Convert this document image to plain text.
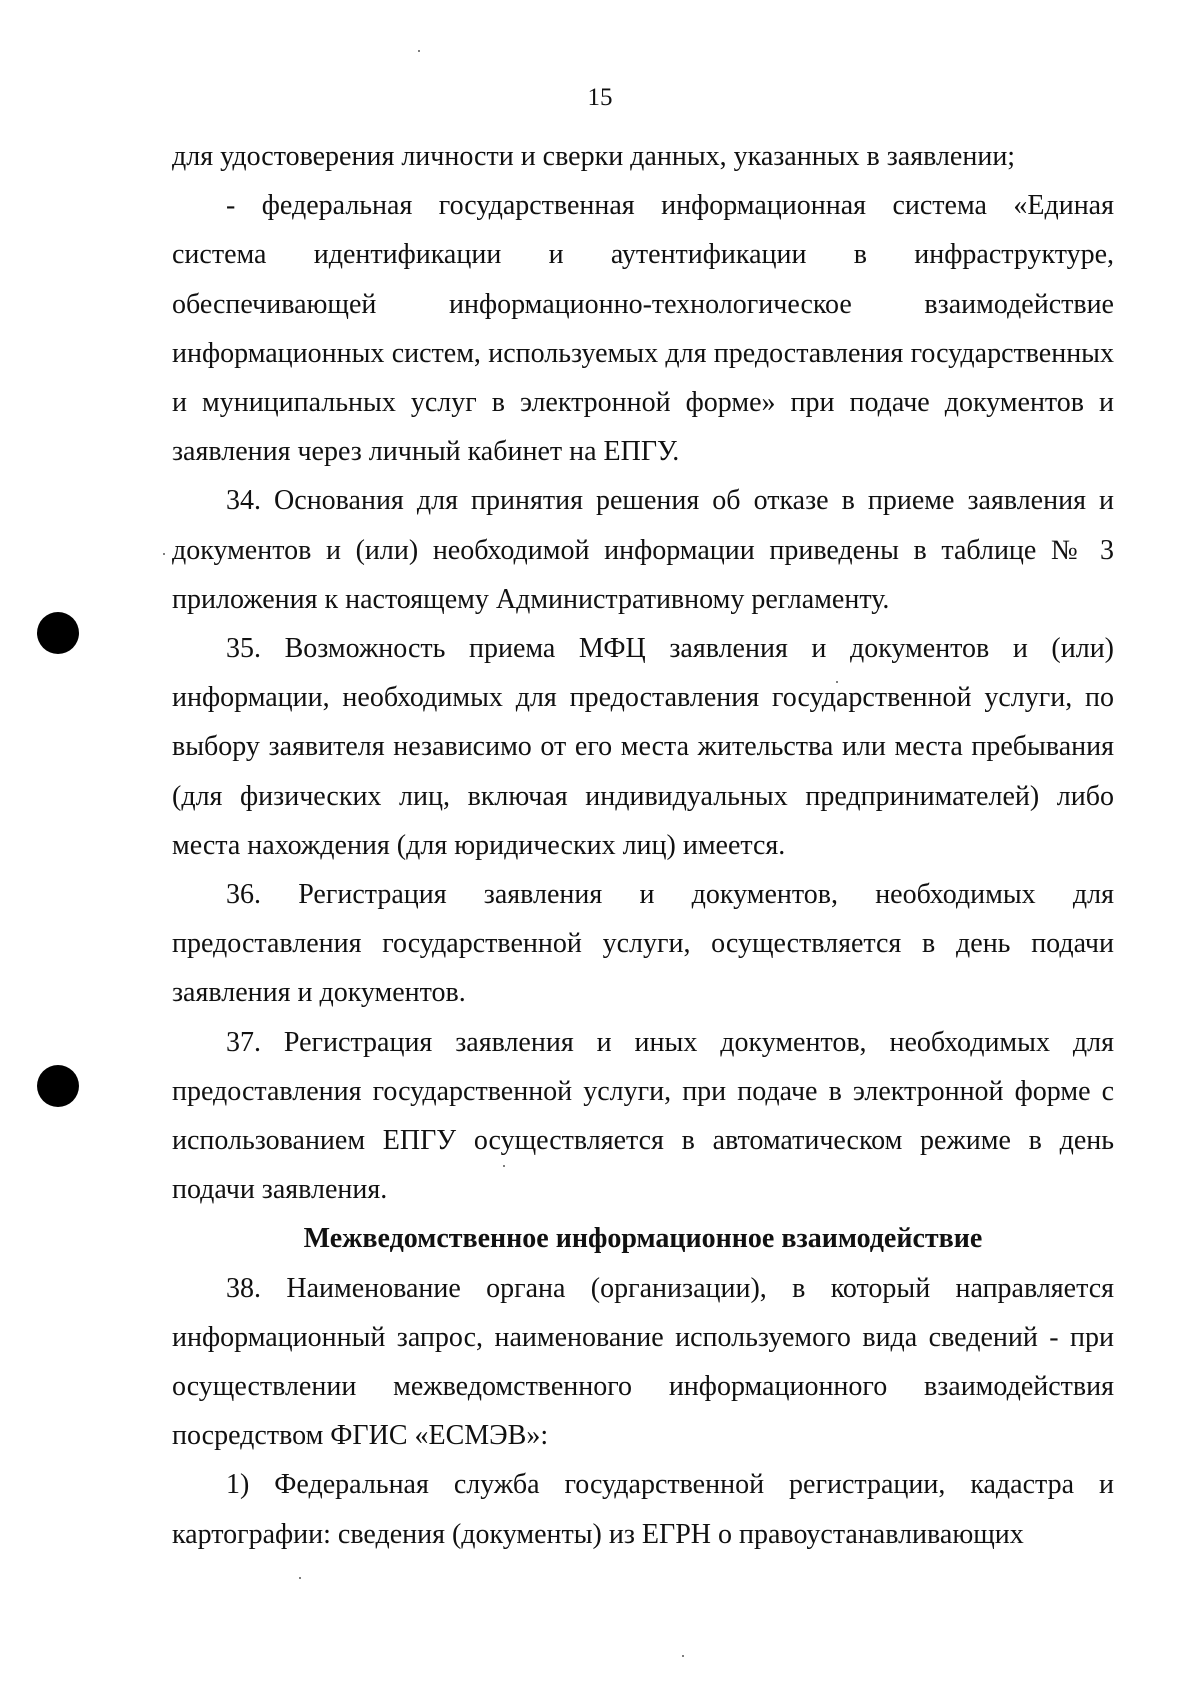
15

для удостоверения личности и сверки данных, указанных в заявлении;

- федеральная государственная информационная система «Единая система идентификации и аутентификации в инфраструктуре, обеспечивающей информационно-технологическое взаимодействие информационных систем, используемых для предоставления государственных и муниципальных услуг в электронной форме» при подаче документов и заявления через личный кабинет на ЕПГУ.

34. Основания для принятия решения об отказе в приеме заявления и документов и (или) необходимой информации приведены в таблице № 3 приложения к настоящему Административному регламенту.

35. Возможность приема МФЦ заявления и документов и (или) информации, необходимых для предоставления государственной услуги, по выбору заявителя независимо от его места жительства или места пребывания (для физических лиц, включая индивидуальных предпринимателей) либо места нахождения (для юридических лиц) имеется.

36. Регистрация заявления и документов, необходимых для предоставления государственной услуги, осуществляется в день подачи заявления и документов.

37. Регистрация заявления и иных документов, необходимых для предоставления государственной услуги, при подаче в электронной форме с использованием ЕПГУ осуществляется в автоматическом режиме в день подачи заявления.

Межведомственное информационное взаимодействие

38. Наименование органа (организации), в который направляется информационный запрос, наименование используемого вида сведений - при осуществлении межведомственного информационного взаимодействия посредством ФГИС «ЕСМЭВ»:

1) Федеральная служба государственной регистрации, кадастра и картографии: сведения (документы) из ЕГРН о правоустанавливающих
